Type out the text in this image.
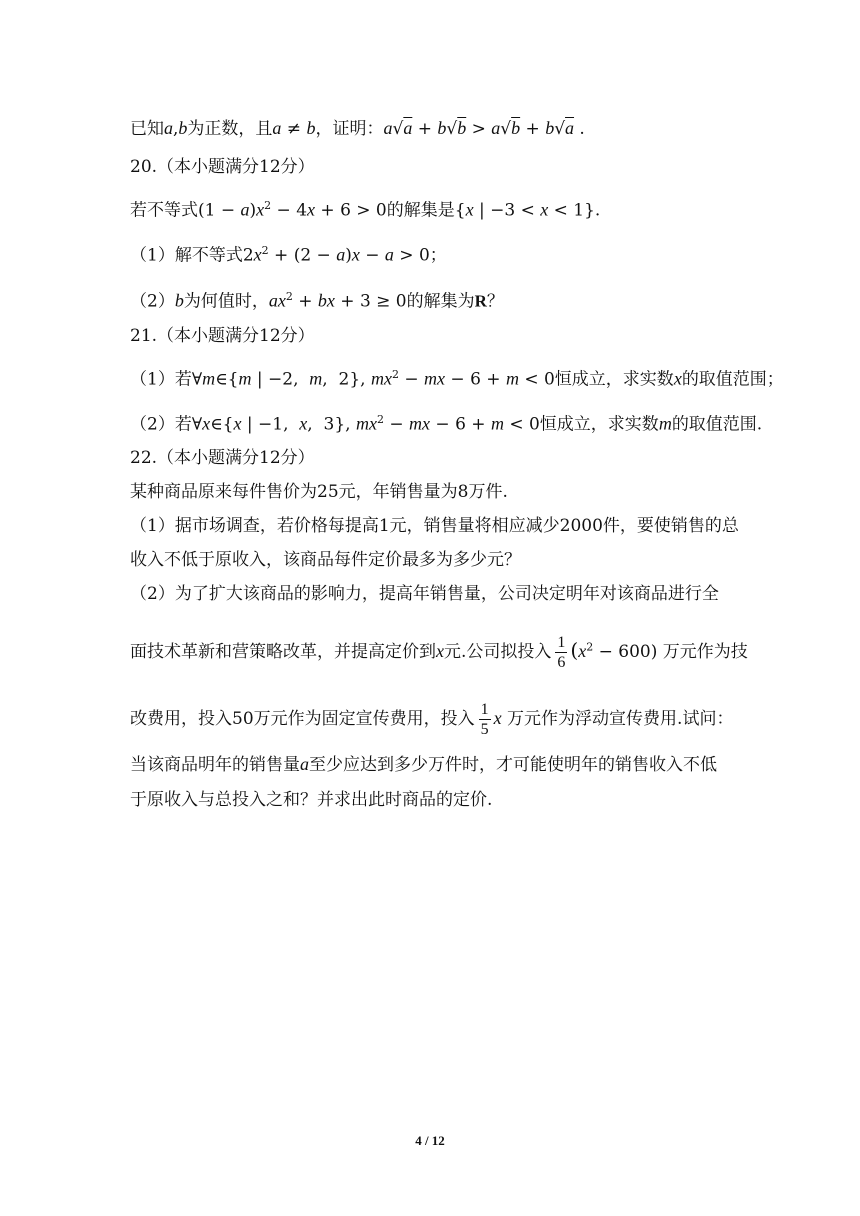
已知a,b为正数，且a ≠ b，证明：a√a + b√b > a√b + b√a .
20.（本小题满分12分）
若不等式$(1 - a)x^2 - 4x + 6 > 0$的解集是{x | −3 < x < 1}.
（1）解不等式$2x^2 + (2 - a)x - a > 0$；
（2）b为何值时，$ax^2$ + bx + 3 ≥ 0的解集为R？
21.（本小题满分12分）
（1）若∀m∈{m | −2,  m,  2}, $mx^2$ − mx − 6 + m < 0恒成立，求实数x的取值范围；
（2）若∀x∈{x | −1,  x,  3}, $mx^2$ − mx − 6 + m < 0恒成立，求实数m的取值范围.
22.（本小题满分12分）
某种商品原来每件售价为25元，年销售量为8万件.
（1）据市场调查，若价格每提高1元，销售量将相应减少2000件，要使销售的总
收入不低于原收入，该商品每件定价最多为多少元？
（2）为了扩大该商品的影响力，提高年销售量，公司决定明年对该商品进行全
面技术革新和营策略改革，并提高定价到x元.公司拟投入 $\frac{1}{6} (x^2 - 600)$ 万元作为技
改费用，投入50万元作为固定宣传费用，投入 $\frac{1}{5}$ x 万元作为浮动宣传费用.试问：
当该商品明年的销售量a至少应达到多少万件时，才可能使明年的销售收入不低
于原收入与总投入之和？并求出此时商品的定价.
4 / 12
